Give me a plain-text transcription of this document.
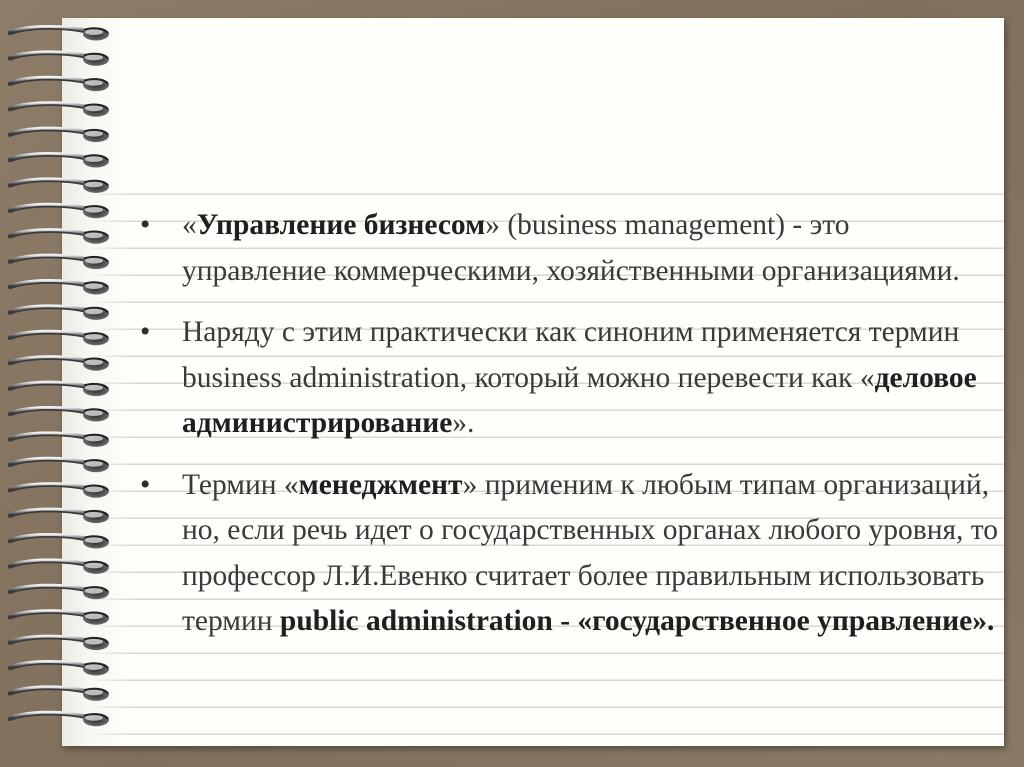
• «Управление бизнесом» (business management) - это управление коммерческими, хозяйственными организациями.
• Наряду с этим практически как синоним применяется термин business administration, который можно перевести как «деловое администрирование».
• Термин «менеджмент» применим к любым типам организаций, но, если речь идет о государственных органах любого уровня, то профессор Л.И.Евенко считает более правильным использовать термин public administration - «государственное управление».
